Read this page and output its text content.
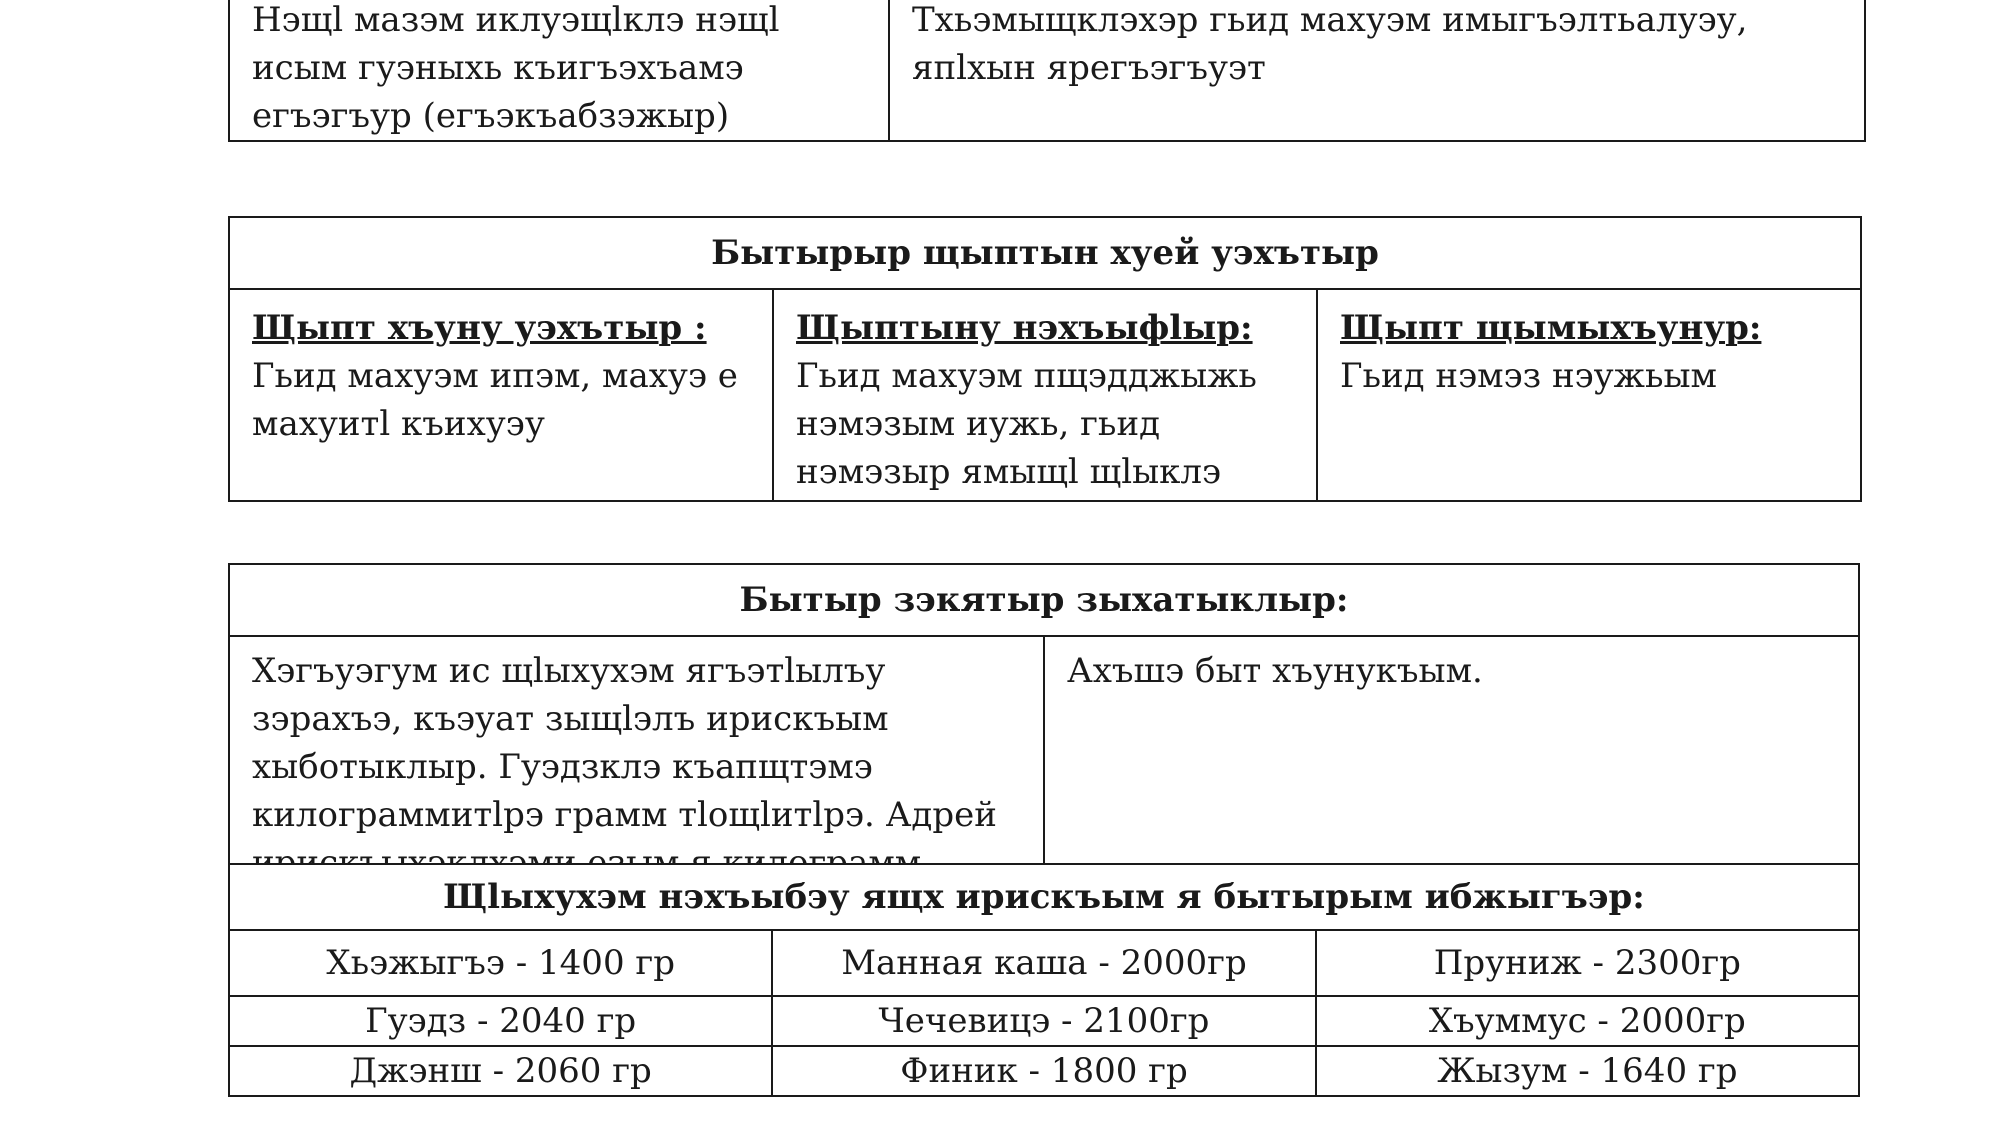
Нэщl мазэм иклуэщlклэ нэщl исым гуэныхь къигъэхъамэ егъэгъур (егъэкъабзэжыр)	Тхьэмыщклэхэр гьид махуэм имыгъэлтьaлуэу, япlхын ярегъэгъуэт
Бытырыр щыптын хуей уэхътыр

Щыпт хъуну уэхътыр :
Гьид махуэм ипэм, махуэ е махуитl къихуэу	
Щыптыну нэхъыфlыр:
Гьид махуэм пщэдджыжь нэмэзым иужь, гьид нэмэзыр ямыщl щlыклэ	
Щыпт щымыхъунур:
Гьид нэмэз нэужьым
Бытыр зэкятыр зыхатыклыр:
Хэгъуэгум ис щlыхухэм ягъэтlылъу зэрахъэ, къэуат зыщlэлъ ирискъым хыботыклыр. Гуэдзклэ къапщтэмэ килограммитlрэ грамм тlощlитlрэ. Адрей	Ахъшэ быт хъунукъым.
Щlыхухэм нэхъыбэу ящх ирискъым я бытырым ибжыгъэр:		
Хьэжыгъэ - 1400 гр	Манная каша - 2000гр	Пруниж - 2300гр
Гуэдз - 2040 гр	Чечевицэ - 2100гр	Хъуммус - 2000гр
Джэнш - 2060 гр	Финик - 1800 гр	Жызум - 1640 гр
